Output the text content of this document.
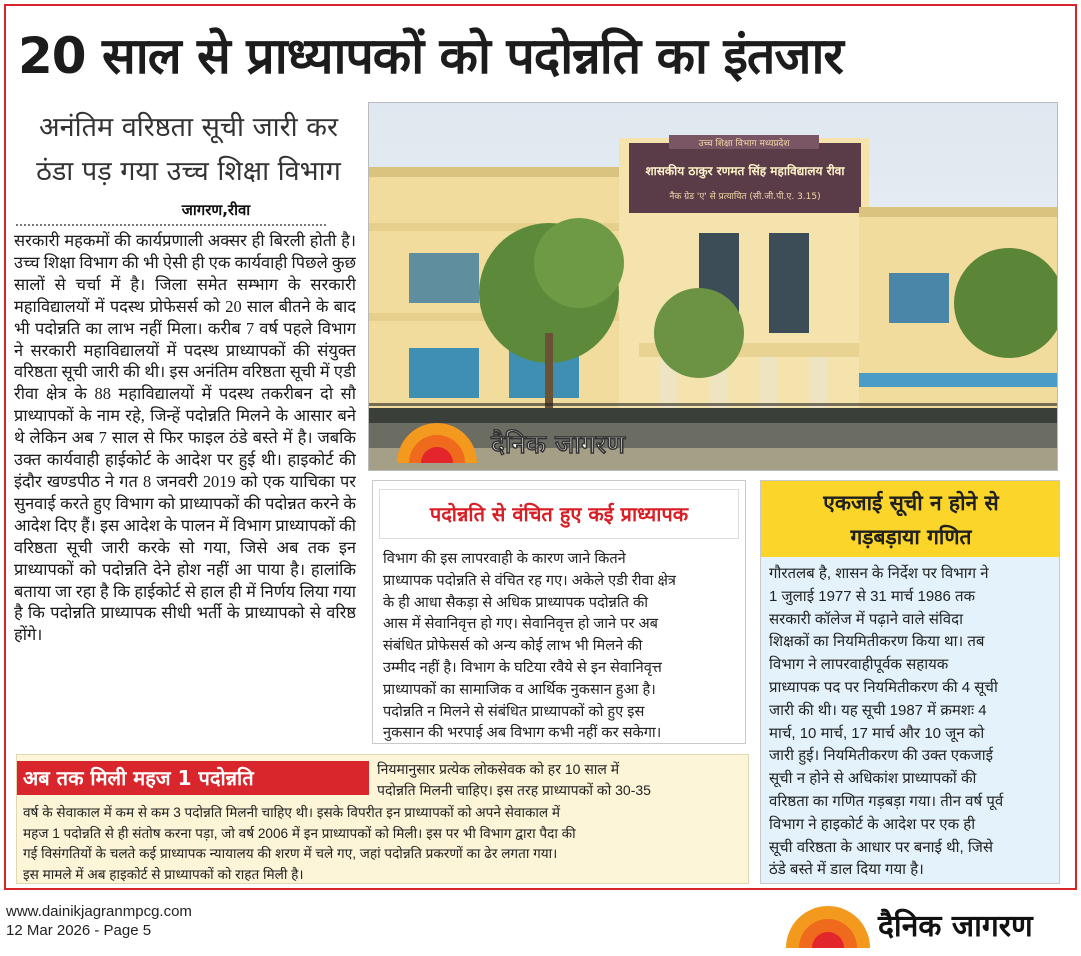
20 साल से प्राध्यापकों को पदोन्नति का इंतजार
अनंतिम वरिष्ठता सूची जारी कर
ठंडा पड़ गया उच्च शिक्षा विभाग
जागरण,रीवा
सरकारी महकमों की कार्यप्रणाली अक्सर ही बिरली होती है। उच्च शिक्षा विभाग की भी ऐसी ही एक कार्यवाही पिछले कुछ सालों से चर्चा में है। जिला समेत सम्भाग के सरकारी महाविद्यालयों में पदस्थ प्रोफेसर्स को 20 साल बीतने के बाद भी पदोन्नति का लाभ नहीं मिला। करीब 7 वर्ष पहले विभाग ने सरकारी महाविद्यालयों में पदस्थ प्राध्यापकों की संयुक्त वरिष्ठता सूची जारी की थी। इस अनंतिम वरिष्ठता सूची में एडी रीवा क्षेत्र के 88 महाविद्यालयों में पदस्थ तकरीबन दो सौ प्राध्यापकों के नाम रहे, जिन्हें पदोन्नति मिलने के आसार बने थे लेकिन अब 7 साल से फिर फाइल ठंडे बस्ते में है। जबकि उक्त कार्यवाही हाईकोर्ट के आदेश पर हुई थी। हाइकोर्ट की इंदौर खण्डपीठ ने गत 8 जनवरी 2019 को एक याचिका पर सुनवाई करते हुए विभाग को प्राध्यापकों की पदोन्नत करने के आदेश दिए हैं। इस आदेश के पालन में विभाग प्राध्यापकों की वरिष्ठता सूची जारी करके सो गया, जिसे अब तक इन प्राध्यापकों को पदोन्नति देने होश नहीं आ पाया है। हालांकि बताया जा रहा है कि हाईकोर्ट से हाल ही में निर्णय लिया गया है कि पदोन्नति प्राध्यापक सीधी भर्ती के प्राध्यापको से वरिष्ठ होंगे।
उच्च शिक्षा विभाग मध्यप्रदेश
शासकीय ठाकुर रणमत सिंह महाविद्यालय रीवा
नैक ग्रेड 'ए' से प्रत्यायित (सी.जी.पी.ए. 3.15)
दैनिक जागरण
पदोन्नति से वंचित हुए कई प्राध्यापक
विभाग की इस लापरवाही के कारण जाने कितने
प्राध्यापक पदोन्नति से वंचित रह गए। अकेले एडी रीवा क्षेत्र
के ही आधा सैकड़ा से अधिक प्राध्यापक पदोन्नति की
आस में सेवानिवृत्त हो गए। सेवानिवृत्त हो जाने पर अब
संबंधित प्रोफेसर्स को अन्य कोई लाभ भी मिलने की
उम्मीद नहीं है। विभाग के घटिया रवैये से इन सेवानिवृत्त
प्राध्यापकों का सामाजिक व आर्थिक नुकसान हुआ है।
पदोन्नति न मिलने से संबंधित प्राध्यापकों को हुए इस
नुकसान की भरपाई अब विभाग कभी नहीं कर सकेगा।
एकजाई सूची न होने से
गड़बड़ाया गणित
गौरतलब है, शासन के निर्देश पर विभाग ने
1 जुलाई 1977 से 31 मार्च 1986 तक
सरकारी कॉलेज में पढ़ाने वाले संविदा
शिक्षकों का नियमितीकरण किया था। तब
विभाग ने लापरवाहीपूर्वक सहायक
प्राध्यापक पद पर नियमितीकरण की 4 सूची
जारी की थी। यह सूची 1987 में क्रमशः 4
मार्च, 10 मार्च, 17 मार्च और 10 जून को
जारी हुई। नियमितीकरण की उक्त एकजाई
सूची न होने से अधिकांश प्राध्यापकों की
वरिष्ठता का गणित गड़बड़ा गया। तीन वर्ष पूर्व
विभाग ने हाइकोर्ट के आदेश पर एक ही
सूची वरिष्ठता के आधार पर बनाई थी, जिसे
ठंडे बस्ते में डाल दिया गया है।
अब तक मिली महज 1 पदोन्नति	नियमानुसार प्रत्येक लोकसेवक को हर 10 साल में
पदोन्नति मिलनी चाहिए। इस तरह प्राध्यापकों को 30-35
वर्ष के सेवाकाल में कम से कम 3 पदोन्नति मिलनी चाहिए थी। इसके विपरीत इन प्राध्यापकों को अपने सेवाकाल में
महज 1 पदोन्नति से ही संतोष करना पड़ा, जो वर्ष 2006 में इन प्राध्यापकों को मिली। इस पर भी विभाग द्वारा पैदा की
गई विसंगतियों के चलते कई प्राध्यापक न्यायालय की शरण में चले गए, जहां पदोन्नति प्रकरणों का ढेर लगता गया।
इस मामले में अब हाइकोर्ट से प्राध्यापकों को राहत मिली है।
www.dainikjagranmpcg.com
12 Mar 2026 - Page 5	दैनिक जागरण
